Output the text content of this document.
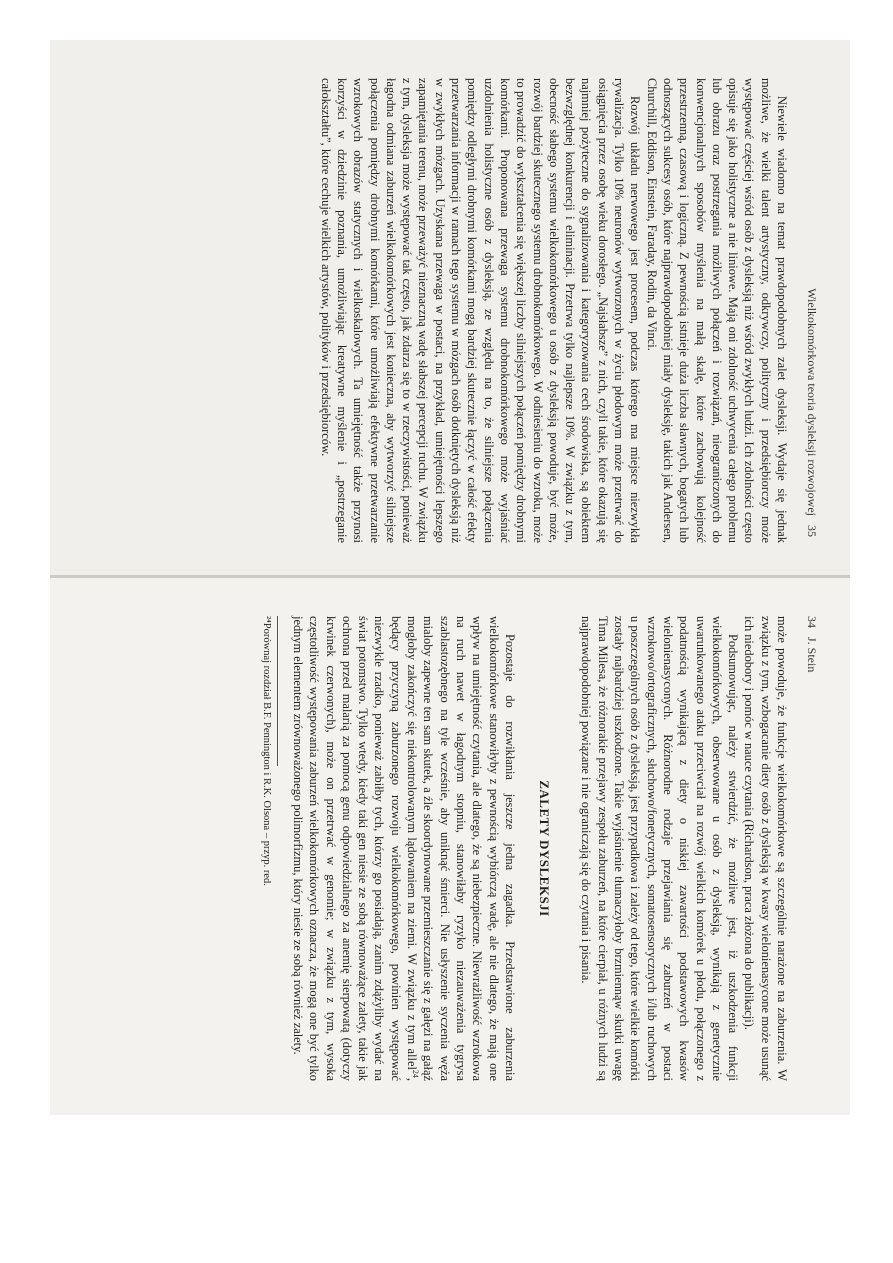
Wielkokomórkowa teoria dysleksji rozwojowej 35

Niewiele wiadomo na temat prawdopodobnych zalet dysleksji. Wydaje się jednak możliwe, że wielki talent artystyczny, odkrywczy, polityczny i przedsiębiorczy może występować częściej wśród osób z dysleksją niż wśród zwykłych ludzi. Ich zdolności często opisuje się jako holistyczne a nie liniowe. Mają oni zdolność uchwycenia całego problemu lub obrazu oraz postrzegania możliwych połączeń i rozwiązań, nieograniczonych do konwencjonalnych sposobów myślenia na małą skalę, które zachowują kolejność przestrzenną, czasową i logiczną. Z pewnością istnieje duża liczba sławnych, bogatych lub odnoszących sukcesy osób, które najprawdopodobniej miały dysleksję, takich jak Andersen, Churchill, Eddison, Einstein, Faraday, Rodin, da Vinci.

Rozwój układu nerwowego jest procesem, podczas którego ma miejsce niezwykła rywalizacja. Tylko 10% neuronów wytworzonych w życiu płodowym może przetrwać do osiągnięcia przez osobę wieku dorosłego. „Najsłabsze” z nich, czyli takie, które okazują się najmniej pożyteczne do sygnalizowania i kategoryzowania cech środowiska, są obiektem bezwzględnej konkurencji i eliminacji. Przetrwa tylko najlepsze 10%. W związku z tym, obecność słabego systemu wielkokomórkowego u osób z dysleksją powoduje, być może, rozwój bardziej skutecznego systemu drobnokomórkowego. W odniesieniu do wzroku, może to prowadzić do wykształcenia się większej liczby silniejszych połączeń pomiędzy drobnymi komórkami. Proponowana przewaga systemu drobnokomórkowego może wyjaśniać uzdolnienia holistyczne osób z dysleksją, ze względu na to, że silniejsze połączenia pomiędzy odległymi drobnymi komórkami mogą bardziej skutecznie łączyć w całość efekty przetwarzania informacji w ramach tego systemu w mózgach osób dotkniętych dysleksją niż w zwykłych mózgach. Uzyskana przewaga w postaci, na przykład, umiejętności lepszego zapamiętania terenu, może przeważyć nieznaczną wadę słabszej percepcji ruchu. W związku z tym, dysleksja może występować tak często, jak zdarza się to w rzeczywistości, ponieważ łagodna odmiana zaburzeń wielkokomórkowych jest konieczna, aby wytworzyć silniejsze połączenia pomiędzy drobnymi komórkami, które umożliwiają efektywne przetwarzanie wzrokowych obrazów statycznych i wielkoskalowych. Ta umiejętność także przynosi korzyści w dziedzinie poznania, umożliwiając kreatywne myślenie i „postrzeganie całokształtu”, które cechuje wielkich artystów, polityków i przedsiębiorców.

34 J. Stein

może powoduje, że funkcje wielkokomórkowe są szczególnie narażone na zaburzenia. W związku z tym, wzbogacanie diety osób z dysleksją w kwasy wielonienasycone może usunąć ich niedobory i pomóc w nauce czytania (Richardson, praca złożona do publikacji).

Podsumowując, należy stwierdzić, że możliwe jest, iż uszkodzenia funkcji wielkokomórkowych, obserwowane u osób z dysleksją, wynikają z genetycznie uwarunkowanego ataku przeciwciał na rozwój wielkich komórek u płodu, połączonego z podatnością wynikającą z diety o niskiej zawartości podstawowych kwasów wielonienasyconych. Różnorodne rodzaje przejawiania się zaburzeń w postaci wzrokowo/ortograficznych, słuchowo/fonetycznych, somatosensorycznych i/lub ruchowych u poszczególnych osób z dysleksją, jest przypadkowa i zależy od tego, które wielkie komórki zostały najbardziej uszkodzone. Takie wyjaśnienie tłumaczyłoby brzmiennąw skutki uwagę Tima Milesa, że różnorakie przejawy zespołu zaburzeń, na które cierpiał, u różnych ludzi są najprawdopodobniej powiązane i nie ograniczają się do czytania i pisania.

ZALETY DYSLEKSJI

Pozostaje do rozwikłania jeszcze jedna zagadka. Przedstawione zaburzenia wielkokomórkowe stanowiłyby z pewnością wybiórczą wadę, ale nie dlatego, że mają one wpływ na umiejętność czytania, ale dlatego, że są niebezpieczne. Niewrażliwość wzrokowa na ruch nawet w łagodnym stopniu, stanowiłaby ryzyko niezauważenia tygrysa szablastozębnego na tyle wcześnie, aby uniknąć śmierci. Nie usłyszenie syczenia węża mialoby zapewne ten sam skutek, a źle skoordynowane przemieszczanie się z gałęzi na gałąź mogłoby zakończyć się niekontrolowanym lądowaniem na ziemi. W związku z tym allel$^{24}$, będący przyczyną zaburzonego rozwoju wielkokomórkowego, powinien występować niezwykle rzadko, ponieważ zabiłby tych, którzy go posiadają, zanim zdążyliby wydać na świat potomstwo. Tylko wtedy, kiedy taki gen niesie ze sobą równoważące zalety, takie jak ochrona przed malarią za pomocą genu odpowiedzialnego za anemię sierpowatą (dotyczy krwinek czerwonych), może on przetrwać w genomie; w związku z tym, wysoka częstotliwość występowania zaburzeń wielkokomórkowych oznacza, że mogą one być tylko jednym elementem zrównoważonego polimorfizmu, który niesie ze sobą również zalety.

²⁴Porównaj rozdział B.F. Pennington i R.K. Olsona – przyp. red.
